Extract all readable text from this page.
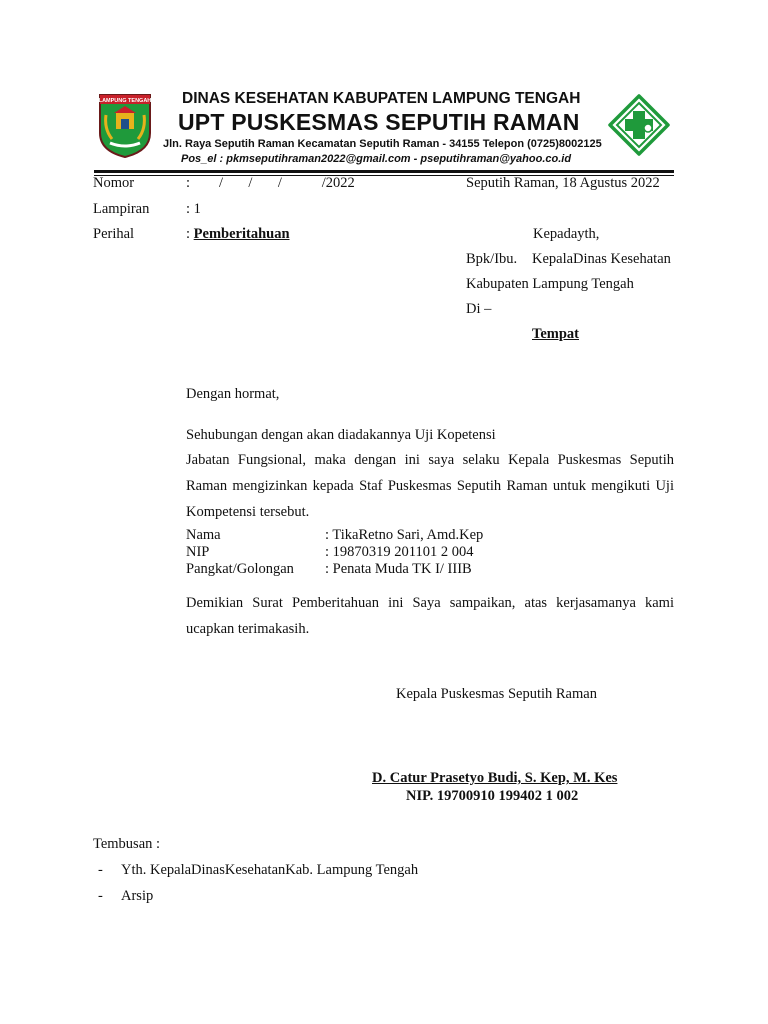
LAMPUNG TENGAH DINAS KESEHATAN KABUPATEN LAMPUNG TENGAH
UPT PUSKESMAS SEPUTIH RAMAN
Jln. Raya Seputih Raman Kecamatan Seputih Raman - 34155 Telepon (0725)8002125
Pos_el : pkmseputihraman2022@gmail.com - pseputihraman@yahoo.co.id
Nomor	:        /       /       /           /2022	Seputih Raman, 18 Agustus 2022
Lampiran	: 1
Perihal	: Pemberitahuan	Kepadayth,
Bpk/Ibu. KepalaDinas Kesehatan
Kabupaten Lampung Tengah
Di –
Tempat
Dengan hormat,
Sehubungan dengan akan diadakannya Uji Kopetensi
Jabatan Fungsional, maka dengan ini saya selaku Kepala Puskesmas Seputih Raman mengizinkan kepada Staf Puskesmas Seputih Raman untuk mengikuti Uji Kompetensi tersebut.
Nama	: TikaRetno Sari, Amd.Kep
NIP	: 19870319 201101 2 004
Pangkat/Golongan : Penata Muda TK I/ IIIB
Demikian Surat Pemberitahuan ini Saya sampaikan, atas kerjasamanya kami ucapkan terimakasih.
Kepala Puskesmas Seputih Raman
D. Catur Prasetyo Budi, S. Kep, M. Kes
NIP. 19700910 199402 1 002
Tembusan :
- Yth. KepalaDinasKesehatanKab. Lampung Tengah
- Arsip
